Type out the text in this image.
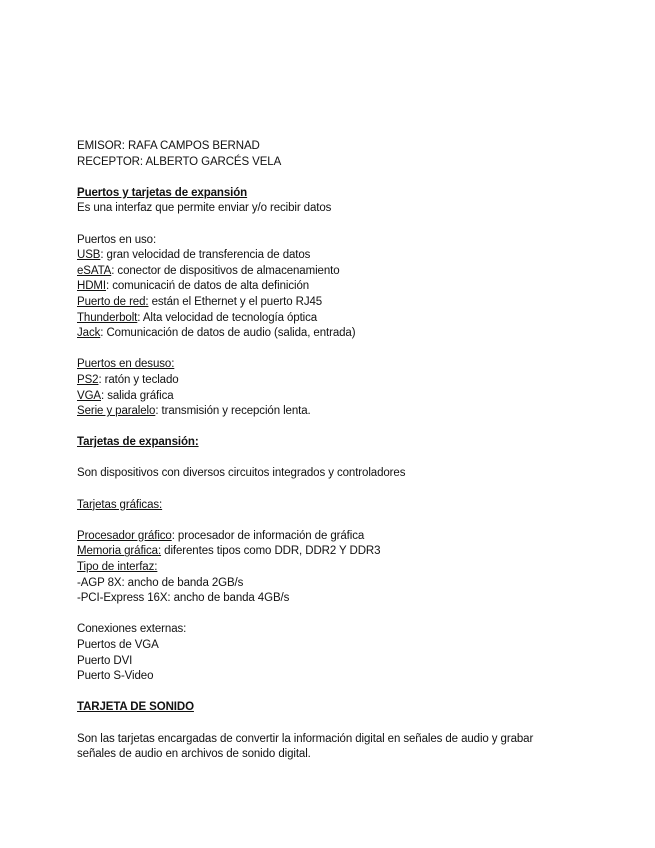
EMISOR: RAFA CAMPOS BERNAD
RECEPTOR: ALBERTO GARCÉS VELA
Puertos y tarjetas de expansión
Es una interfaz que permite enviar y/o recibir datos
Puertos en uso:
USB: gran velocidad de transferencia de datos
eSATA: conector de dispositivos de almacenamiento
HDMI: comunicaciń de datos de alta definición
Puerto de red: están el Ethernet y el puerto RJ45
Thunderbolt: Alta velocidad de tecnología óptica
Jack: Comunicación de datos de audio (salida, entrada)
Puertos en desuso:
PS2: ratón y teclado
VGA: salida gráfica
Serie y paralelo: transmisión y recepción lenta.
Tarjetas de expansión:
Son dispositivos con diversos circuitos integrados y controladores
Tarjetas gráficas:
Procesador gráfico: procesador de información de gráfica
Memoria gráfica: diferentes tipos como DDR, DDR2 Y DDR3
Tipo de interfaz:
-AGP 8X: ancho de banda 2GB/s
-PCI-Express 16X: ancho de banda 4GB/s
Conexiones externas:
Puertos de VGA
Puerto DVI
Puerto S-Video
TARJETA DE SONIDO
Son las tarjetas encargadas de convertir la información digital en señales de audio y grabar
señales de audio en archivos de sonido digital.
